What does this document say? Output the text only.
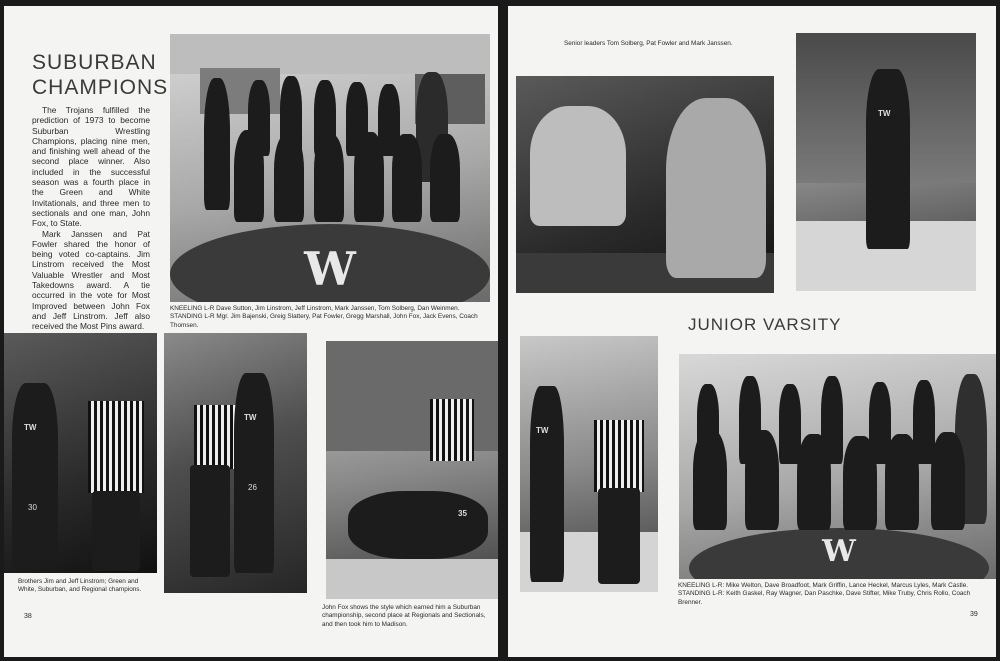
SUBURBAN
CHAMPIONS

The Trojans fulfilled the prediction of 1973 to become Suburban Wrestling Champions, placing nine men, and finishing well ahead of the second place winner. Also included in the successful season was a fourth place in the Green and White Invitationals, and three men to sectionals and one man, John Fox, to State.

Mark Janssen and Pat Fowler shared the honor of being voted co-captains. Jim Linstrom received the Most Valuable Wrestler and Most Takedowns award. A tie occurred in the vote for Most Improved between John Fox and Jeff Linstrom. Jeff also received the Most Pins award.

W

KNEELING L-R Dave Sutton, Jim Linstrom, Jeff Linstrom, Mark Janssen, Tom Solberg, Dan Weinmen. STANDING L-R Mgr. Jim Bajenski, Greig Slattery, Pat Fowler, Gregg Marshall, John Fox, Jack Evens, Coach Thomsen.

TW
30

Brothers Jim and Jeff Linstrom; Green and White, Suburban, and Regional champions.

TW
26
35

John Fox shows the style which earned him a Suburban championship, second place at Regionals and Sectionals, and then took him to Madison.

38

Senior leaders Tom Solberg, Pat Fowler and Mark Janssen.

TW
JUNIOR VARSITY
TW
W

KNEELING L-R: Mike Welton, Dave Broadfoot, Mark Griffin, Lance Heckel, Marcus Lyles, Mark Castle. STANDING L-R: Keith Gaskel, Ray Wagner, Dan Paschke, Dave Stifter, Mike Truby, Chris Rollo, Coach Brenner.

39
